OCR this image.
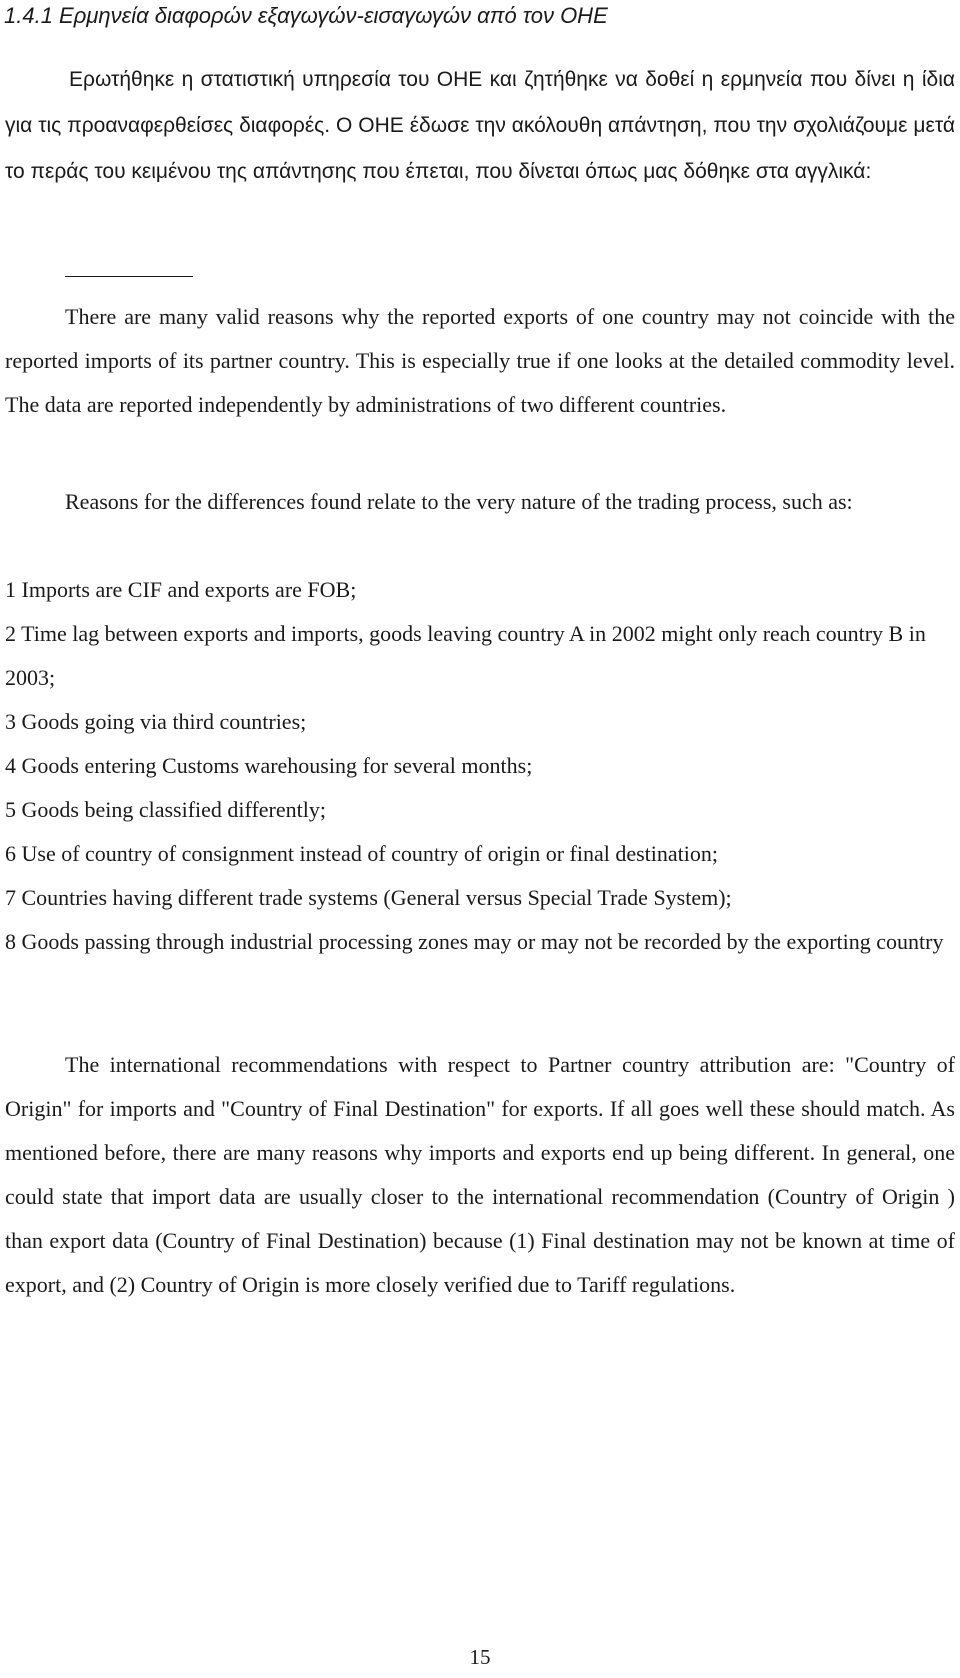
1.4.1 Ερμηνεία διαφορών εξαγωγών-εισαγωγών από τον ΟΗΕ

Ερωτήθηκε η στατιστική υπηρεσία του ΟΗΕ και ζητήθηκε να δοθεί η ερμηνεία που δίνει η ίδια για τις προαναφερθείσες διαφορές. Ο ΟΗΕ έδωσε την ακόλουθη απάντηση, που την σχολιάζουμε μετά το περάς του κειμένου της απάντησης που έπεται, που δίνεται όπως μας δόθηκε στα αγγλικά:

There are many valid reasons why the reported exports of one country may not coincide with the reported imports of its partner country. This is especially true if one looks at the detailed commodity level. The data are reported independently by administrations of two different countries.

Reasons for the differences found relate to the very nature of the trading process, such as:

1 Imports are CIF and exports are FOB;
2 Time lag between exports and imports, goods leaving country A in 2002 might only reach country B in 2003;
3 Goods going via third countries;
4 Goods entering Customs warehousing for several months;
5 Goods being classified differently;
6 Use of country of consignment instead of country of origin or final destination;
7 Countries having different trade systems (General versus Special Trade System);
8 Goods passing through industrial processing zones may or may not be recorded by the exporting country

The international recommendations with respect to Partner country attribution are: "Country of Origin" for imports and "Country of Final Destination" for exports. If all goes well these should match. As mentioned before, there are many reasons why imports and exports end up being different. In general, one could state that import data are usually closer to the international recommendation (Country of Origin ) than export data (Country of Final Destination) because (1) Final destination may not be known at time of export, and (2) Country of Origin is more closely verified due to Tariff regulations.

15
